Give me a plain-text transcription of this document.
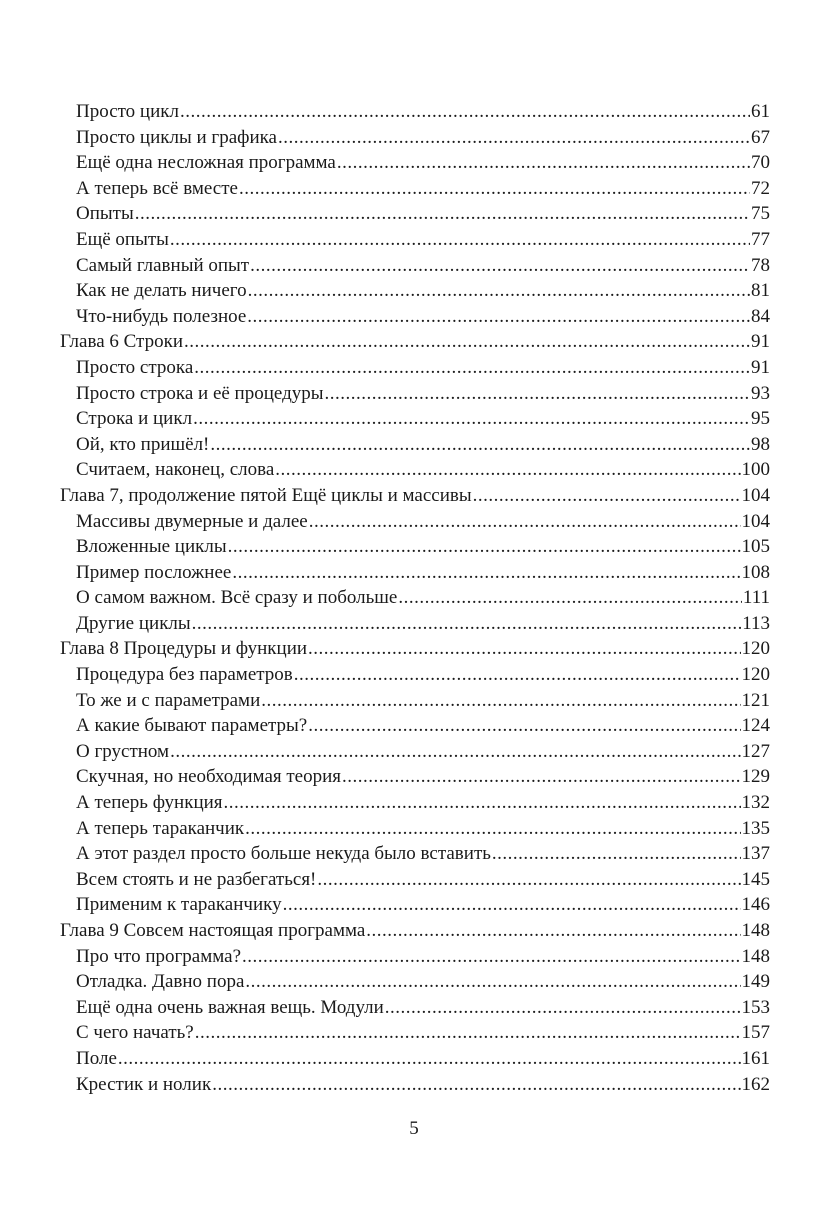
Просто цикл .....	61
Просто циклы и графика .....	67
Ещё одна несложная программа .....	70
А теперь всё вместе .....	72
Опыты .....	75
Ещё опыты .....	77
Самый главный опыт .....	78
Как не делать ничего .....	81
Что-нибудь полезное .....	84
Глава 6 Строки .....	91
Просто строка .....	91
Просто строка и её процедуры .....	93
Строка и цикл .....	95
Ой, кто пришёл! .....	98
Считаем, наконец, слова .....	100
Глава 7, продолжение пятой Ещё циклы и массивы .....	104
Массивы двумерные и далее .....	104
Вложенные циклы .....	105
Пример посложнее .....	108
О самом важном. Всё сразу и побольше .....	111
Другие циклы .....	113
Глава 8 Процедуры и функции .....	120
Процедура без параметров .....	120
То же и с параметрами .....	121
А какие бывают параметры? .....	124
О грустном .....	127
Скучная, но необходимая теория .....	129
А теперь функция .....	132
А теперь тараканчик .....	135
А этот раздел просто больше некуда было вставить .....	137
Всем стоять и не разбегаться! .....	145
Применим к тараканчику .....	146
Глава 9 Совсем настоящая программа .....	148
Про что программа? .....	148
Отладка. Давно пора .....	149
Ещё одна очень важная вещь. Модули .....	153
С чего начать? .....	157
Поле .....	161
Крестик и нолик .....	162
5
